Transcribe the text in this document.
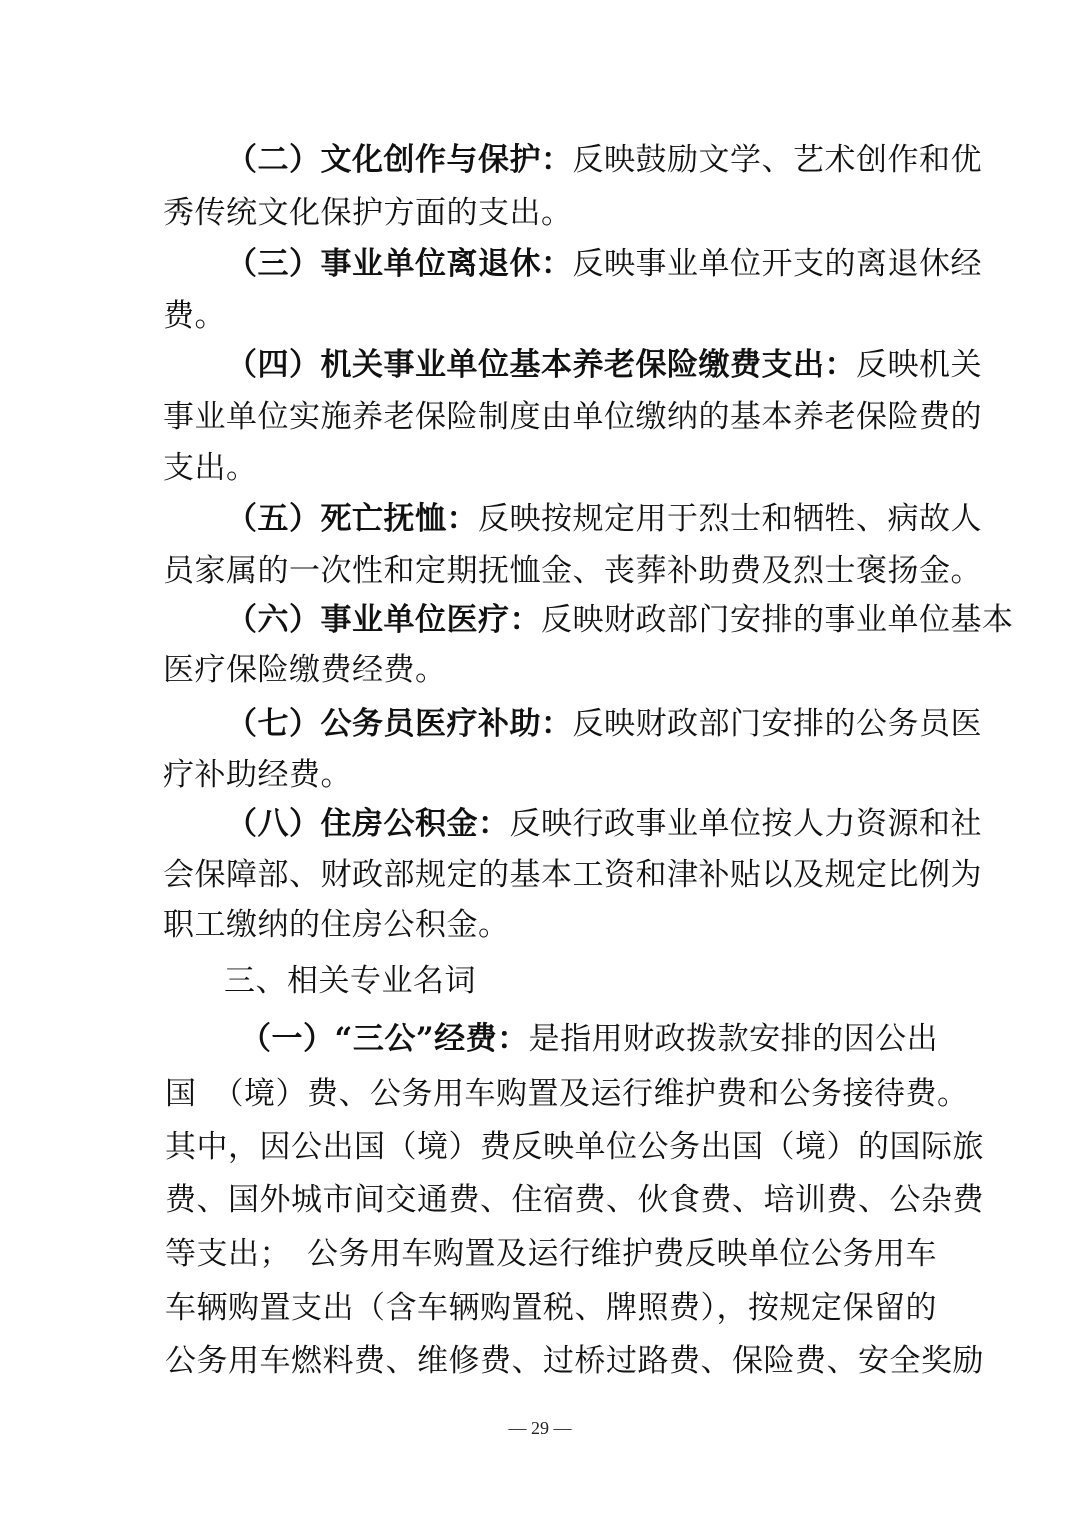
（二）文化创作与保护：反映鼓励文学、艺术创作和优
秀传统文化保护方面的支出。
（三）事业单位离退休：反映事业单位开支的离退休经
费。
（四）机关事业单位基本养老保险缴费支出：反映机关
事业单位实施养老保险制度由单位缴纳的基本养老保险费的
支出。
（五）死亡抚恤：反映按规定用于烈士和牺牲、病故人
员家属的一次性和定期抚恤金、丧葬补助费及烈士褒扬金。
（六）事业单位医疗：反映财政部门安排的事业单位基本
医疗保险缴费经费。
（七）公务员医疗补助：反映财政部门安排的公务员医
疗补助经费。
（八）住房公积金：反映行政事业单位按人力资源和社
会保障部、财政部规定的基本工资和津补贴以及规定比例为
职工缴纳的住房公积金。
三、相关专业名词
（一）“三公”经费：是指用财政拨款安排的因公出
国　（境）费、公务用车购置及运行维护费和公务接待费。
其中，因公出国（境）费反映单位公务出国（境）的国际旅
费、国外城市间交通费、住宿费、伙食费、培训费、公杂费
等支出；　公务用车购置及运行维护费反映单位公务用车
车辆购置支出（含车辆购置税、牌照费），按规定保留的
公务用车燃料费、维修费、过桥过路费、保险费、安全奖励
— 29 —
